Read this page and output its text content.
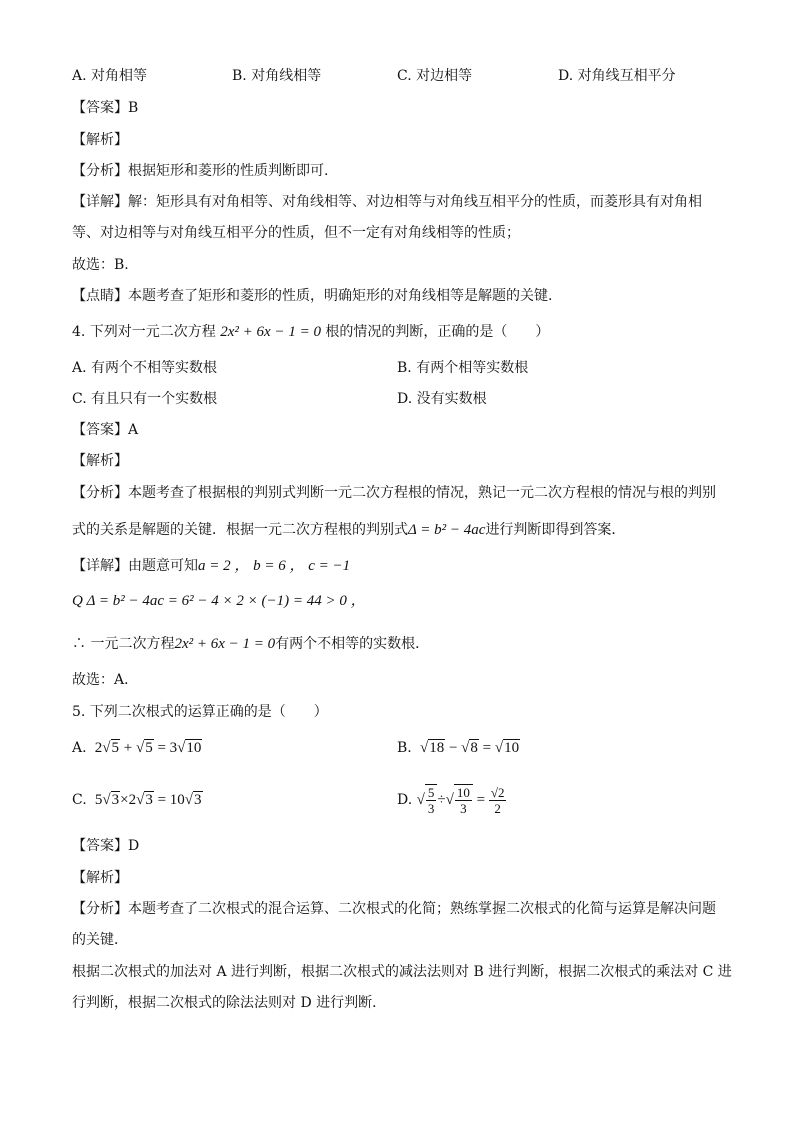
A. 对角相等	B. 对角线相等	C. 对边相等	D. 对角线互相平分
【答案】B
【解析】
【分析】根据矩形和菱形的性质判断即可.
【详解】解：矩形具有对角相等、对角线相等、对边相等与对角线互相平分的性质，而菱形具有对角相
等、对边相等与对角线互相平分的性质，但不一定有对角线相等的性质；
故选：B.
【点睛】本题考查了矩形和菱形的性质，明确矩形的对角线相等是解题的关键.
4. 下列对一元二次方程 2x² + 6x − 1 = 0 根的情况的判断，正确的是（　　）
A. 有两个不相等实数根	B. 有两个相等实数根
C. 有且只有一个实数根	D. 没有实数根
【答案】A
【解析】
【分析】本题考查了根据根的判别式判断一元二次方程根的情况，熟记一元二次方程根的情况与根的判别
式的关系是解题的关键．根据一元二次方程根的判别式Δ = b² − 4ac进行判断即得到答案．
【详解】由题意可知a = 2 ， b = 6 ， c = −1
Q Δ = b² − 4ac = 6² − 4 × 2 × (−1) = 44 > 0 ，
∴ 一元二次方程2x² + 6x − 1 = 0有两个不相等的实数根．
故选：A．
5. 下列二次根式的运算正确的是（　　）
A.  2√5 + √5 = 3√10	B.  √18 − √8 = √10
C.  5√3×2√3 = 10√3	D. √ $\frac{5}{3}$ ÷√ $\frac{10}{3} = \frac{√2}{2}$
【答案】D
【解析】
【分析】本题考查了二次根式的混合运算、二次根式的化简；熟练掌握二次根式的化简与运算是解决问题
的关键．
根据二次根式的加法对 A 进行判断，根据二次根式的减法法则对 B 进行判断，根据二次根式的乘法对 C 进
行判断，根据二次根式的除法法则对 D 进行判断．
